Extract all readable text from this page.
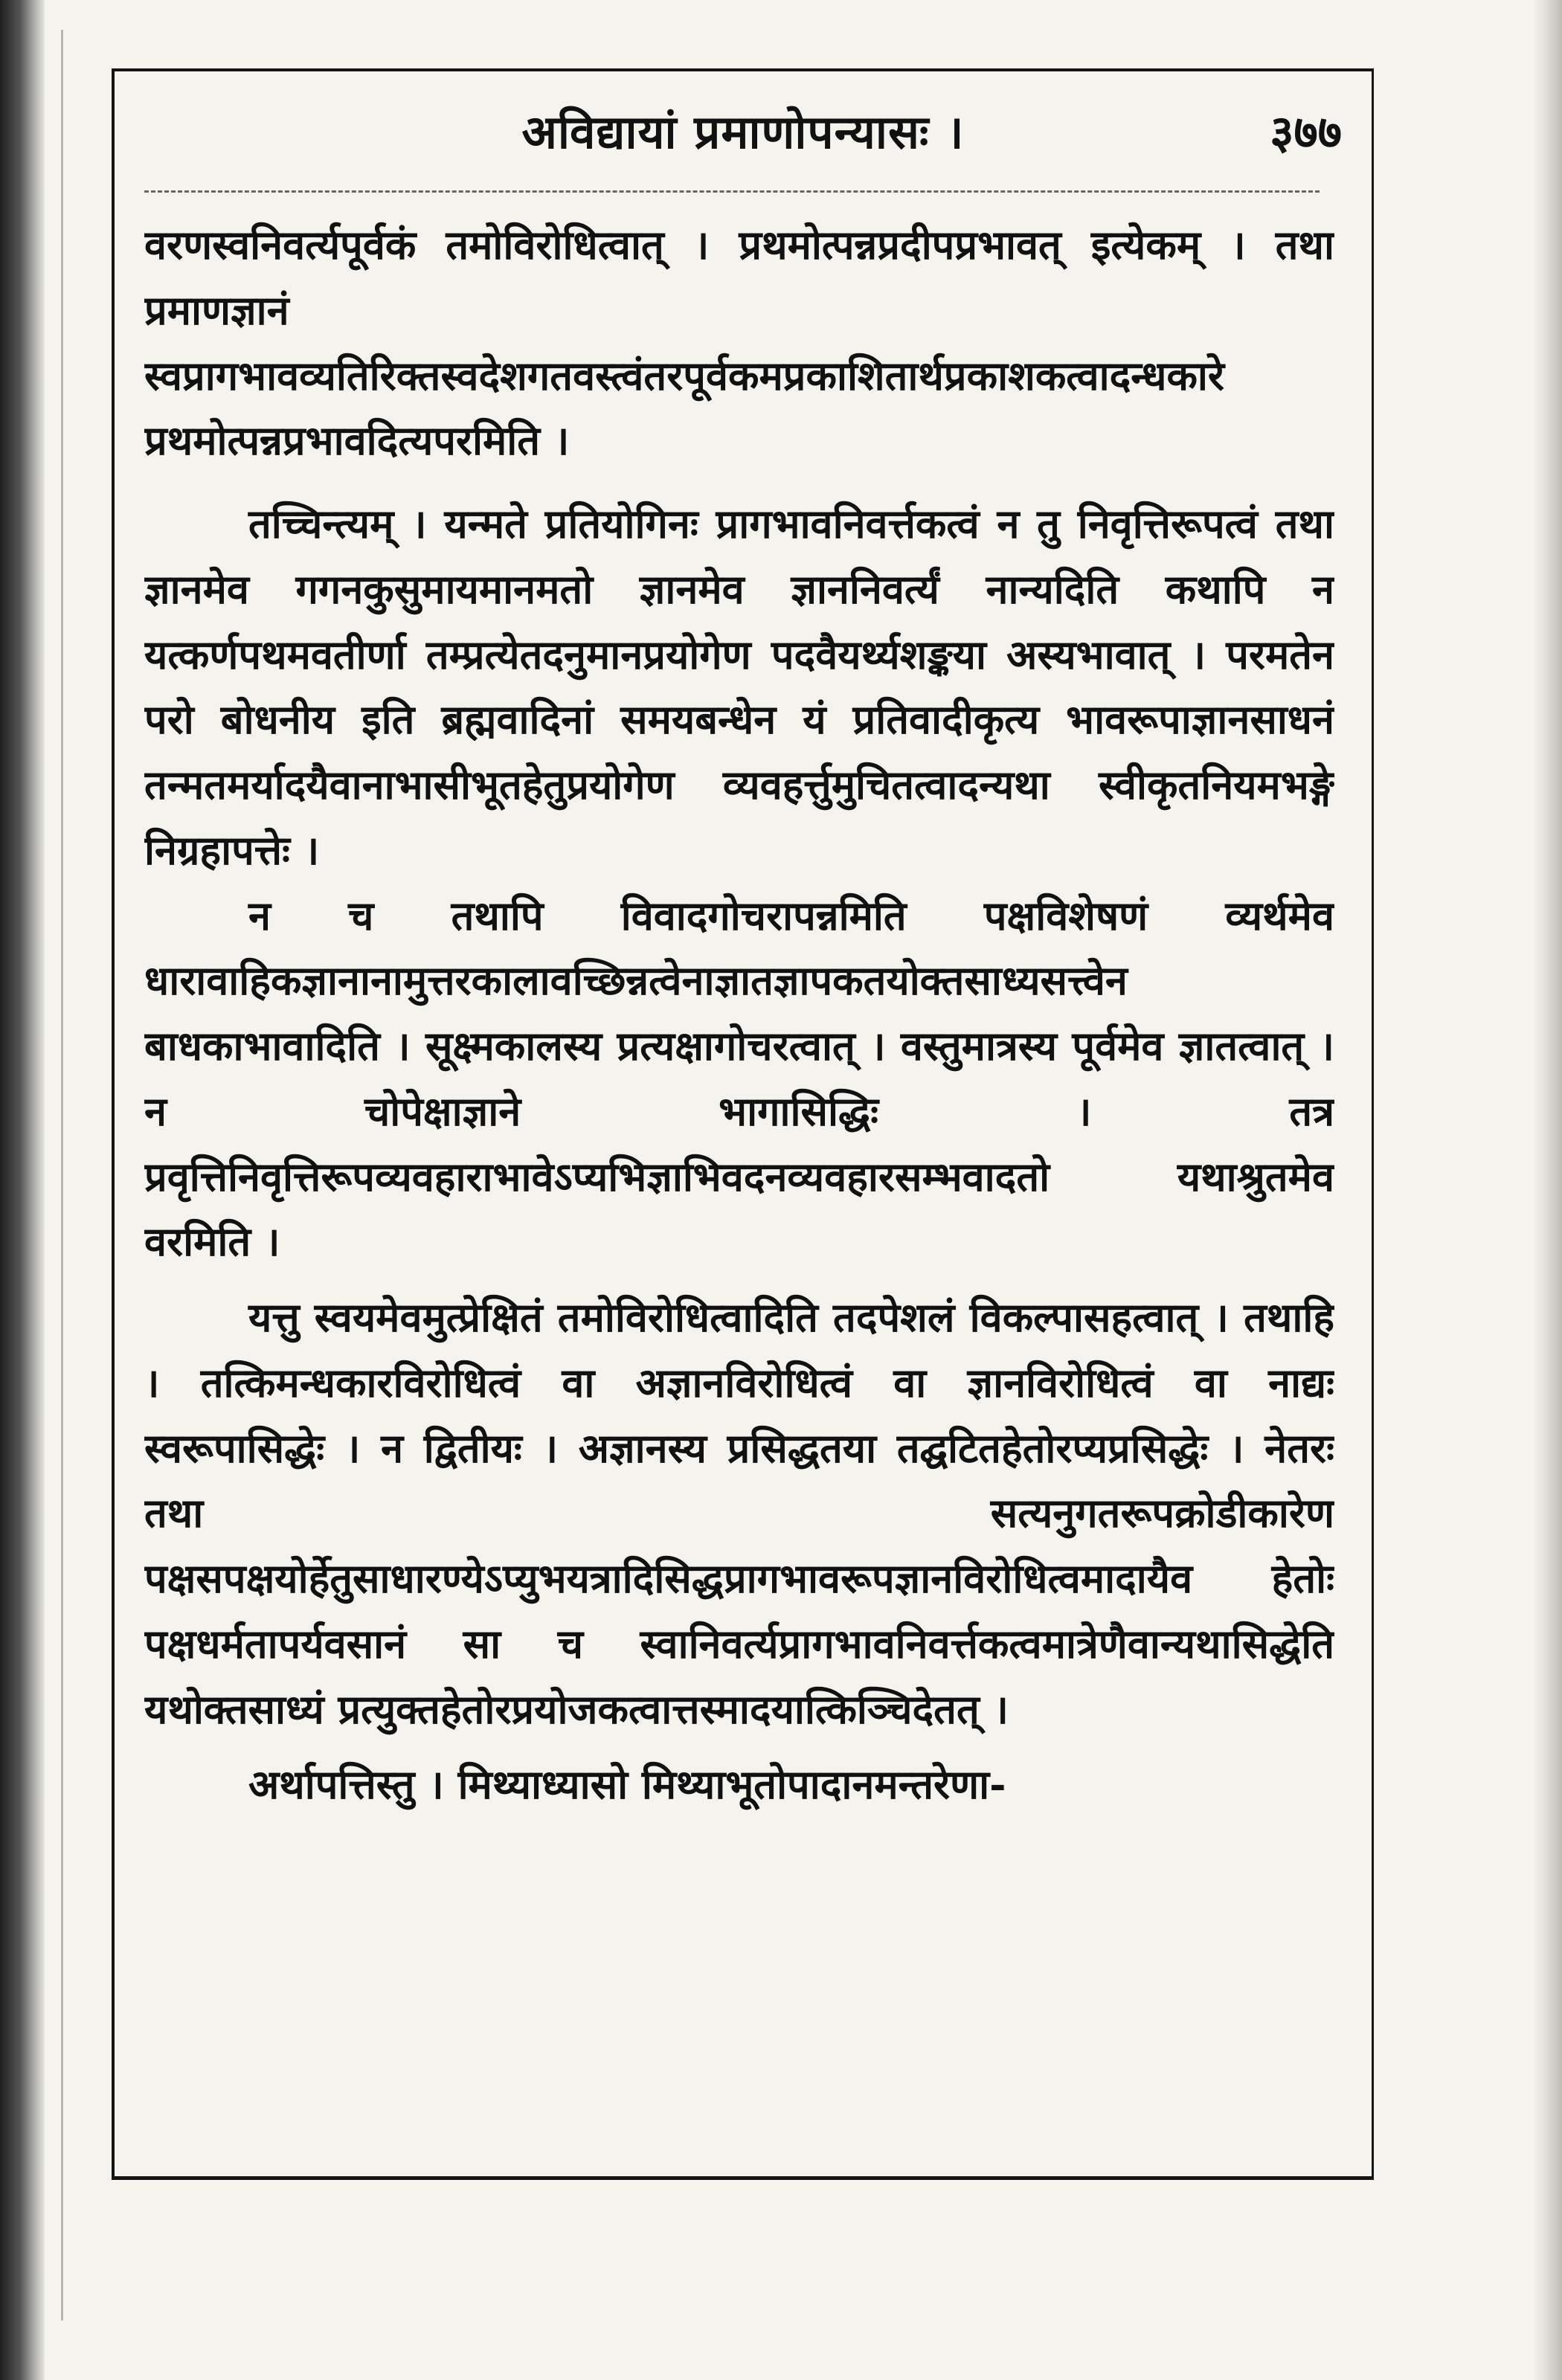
अविद्यायां प्रमाणोपन्यासः ।	३७७

वरणस्वनिवर्त्यपूर्वकं तमोविरोधित्वात् । प्रथमोत्पन्नप्रदीपप्रभावत् इत्येकम् । तथा प्रमाणज्ञानं स्वप्रागभावव्यतिरिक्तस्वदेशगतवस्त्वंतरपूर्वकमप्रकाशितार्थप्रकाशकत्वादन्धकारे प्रथमोत्पन्नप्रभावदित्यपरमिति ।

तच्चिन्त्यम् । यन्मते प्रतियोगिनः प्रागभावनिवर्त्तकत्वं न तु निवृत्तिरूपत्वं तथा ज्ञानमेव गगनकुसुमायमानमतो ज्ञानमेव ज्ञाननिवर्त्यं नान्यदिति कथापि न यत्कर्णपथमवतीर्णा तम्प्रत्येतदनुमानप्रयोगेण पदवैयर्थ्यशङ्कया अस्यभावात् । परमतेन परो बोधनीय इति ब्रह्मवादिनां समयबन्धेन यं प्रतिवादीकृत्य भावरूपाज्ञानसाधनं तन्मतमर्यादयैवानाभासीभूतहेतुप्रयोगेण व्यवहर्त्तुमुचितत्वादन्यथा स्वीकृतनियमभङ्गे निग्रहापत्तेः ।

न च तथापि विवादगोचरापन्नमिति पक्षविशेषणं व्यर्थमेव धारावाहिकज्ञानानामुत्तरकालावच्छिन्नत्वेनाज्ञातज्ञापकतयोक्तसाध्यसत्त्वेन बाधकाभावादिति । सूक्ष्मकालस्य प्रत्यक्षागोचरत्वात् । वस्तुमात्रस्य पूर्वमेव ज्ञातत्वात् । न चोपेक्षाज्ञाने भागासिद्धिः । तत्र प्रवृत्तिनिवृत्तिरूपव्यवहाराभावेऽप्यभिज्ञाभिवदनव्यवहारसम्भवादतो यथाश्रुतमेव वरमिति ।

यत्तु स्वयमेवमुत्प्रेक्षितं तमोविरोधित्वादिति तदपेशलं विकल्पासहत्वात् । तथाहि । तत्किमन्धकारविरोधित्वं वा अज्ञानविरोधित्वं वा ज्ञानविरोधित्वं वा नाद्यः स्वरूपासिद्धेः । न द्वितीयः । अज्ञानस्य प्रसिद्धतया तद्घटितहेतोरप्यप्रसिद्धेः । नेतरः तथा सत्यनुगतरूपक्रोडीकारेण पक्षसपक्षयोर्हेतुसाधारण्येऽप्युभयत्रादिसिद्धप्रागभावरूपज्ञानविरोधित्वमादायैव हेतोः पक्षधर्मतापर्यवसानं सा च स्वानिवर्त्यप्रागभावनिवर्त्तकत्वमात्रेणैवान्यथासिद्धेति यथोक्तसाध्यं प्रत्युक्तहेतोरप्रयोजकत्वात्तस्मादयात्किञ्चिदेतत् ।

अर्थापत्तिस्तु । मिथ्याध्यासो मिथ्याभूतोपादानमन्तरेणा-
